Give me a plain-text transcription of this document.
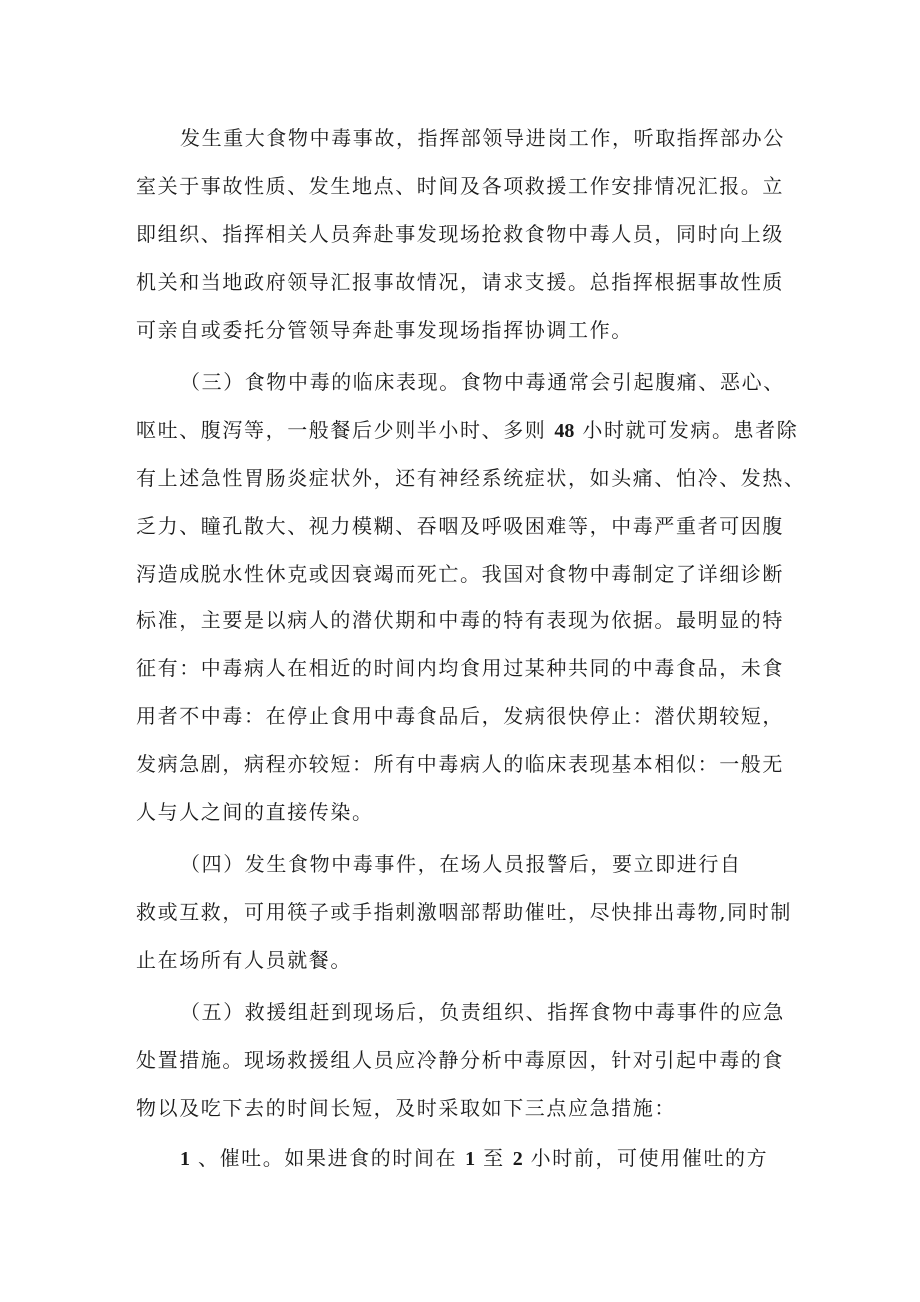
发生重大食物中毒事故，指挥部领导进岗工作，听取指挥部办公
室关于事故性质、发生地点、时间及各项救援工作安排情况汇报。立
即组织、指挥相关人员奔赴事发现场抢救食物中毒人员，同时向上级
机关和当地政府领导汇报事故情况，请求支援。总指挥根据事故性质
可亲自或委托分管领导奔赴事发现场指挥协调工作。
（三）食物中毒的临床表现。食物中毒通常会引起腹痛、恶心、
呕吐、腹泻等，一般餐后少则半小时、多则 48 小时就可发病。患者除
有上述急性胃肠炎症状外，还有神经系统症状，如头痛、怕冷、发热、
乏力、瞳孔散大、视力模糊、吞咽及呼吸困难等，中毒严重者可因腹
泻造成脱水性休克或因衰竭而死亡。我国对食物中毒制定了详细诊断
标准，主要是以病人的潜伏期和中毒的特有表现为依据。最明显的特
征有：中毒病人在相近的时间内均食用过某种共同的中毒食品，未食
用者不中毒：在停止食用中毒食品后，发病很快停止：潜伏期较短，
发病急剧，病程亦较短：所有中毒病人的临床表现基本相似：一般无
人与人之间的直接传染。
（四）发生食物中毒事件，在场人员报警后，要立即进行自
救或互救，可用筷子或手指刺激咽部帮助催吐，尽快排出毒物,同时制
止在场所有人员就餐。
（五）救援组赶到现场后，负责组织、指挥食物中毒事件的应急
处置措施。现场救援组人员应冷静分析中毒原因，针对引起中毒的食
物以及吃下去的时间长短，及时采取如下三点应急措施：
1 、催吐。如果进食的时间在 1 至 2 小时前，可使用催吐的方
